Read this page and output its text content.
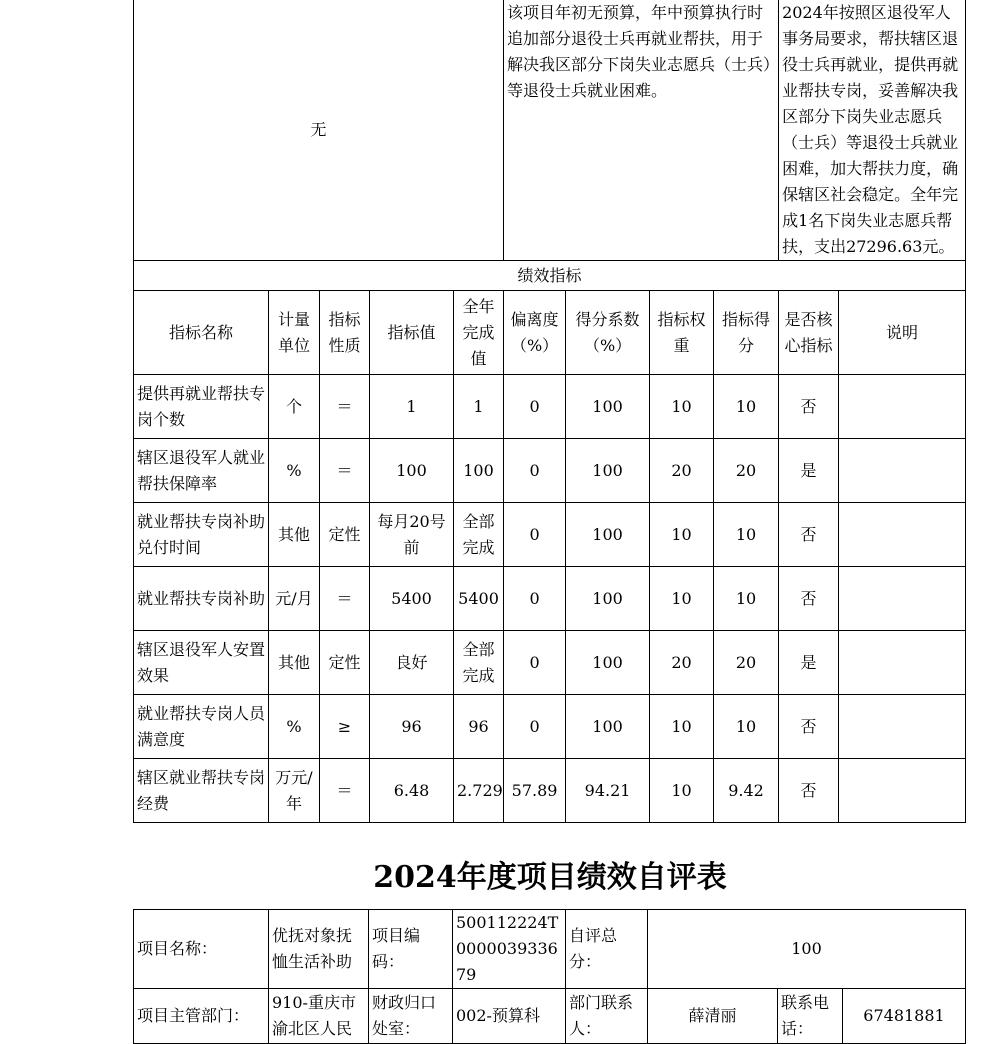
无					该项目年初无预算，年中预算执行时追加部分退役士兵再就业帮扶，用于解决我区部分下岗失业志愿兵（士兵）等退役士兵就业困难。				2024年按照区退役军人事务局要求，帮扶辖区退役士兵再就业，提供再就业帮扶专岗，妥善解决我区部分下岗失业志愿兵（士兵）等退役士兵就业困难，加大帮扶力度，确保辖区社会稳定。全年完成1名下岗失业志愿兵帮扶，支出27296.63元。	
绩效指标										
指标名称	计量单位	指标性质	指标值	全年完成值	偏离度（%）	得分系数（%）	指标权重	指标得分	是否核心指标	说明
提供再就业帮扶专岗个数	个	＝	1	1	0	100	10	10	否	
辖区退役军人就业帮扶保障率	%	＝	100	100	0	100	20	20	是	
就业帮扶专岗补助兑付时间	其他	定性	每月20号前	全部完成	0	100	10	10	否	
就业帮扶专岗补助	元/月	＝	5400	5400	0	100	10	10	否	
辖区退役军人安置效果	其他	定性	良好	全部完成	0	100	20	20	是	
就业帮扶专岗人员满意度	%	≥	96	96	0	100	10	10	否	
辖区就业帮扶专岗经费	万元/年	＝	6.48	2.729	57.89	94.21	10	9.42	否	
2024年度项目绩效自评表
项目名称：	优抚对象抚恤生活补助	项目编码：	500112224T000003933679	自评总分：	100		
项目主管部门：	910-重庆市渝北区人民	财政归口处室：	002-预算科	部门联系人：	薛清丽	联系电话：	67481881
